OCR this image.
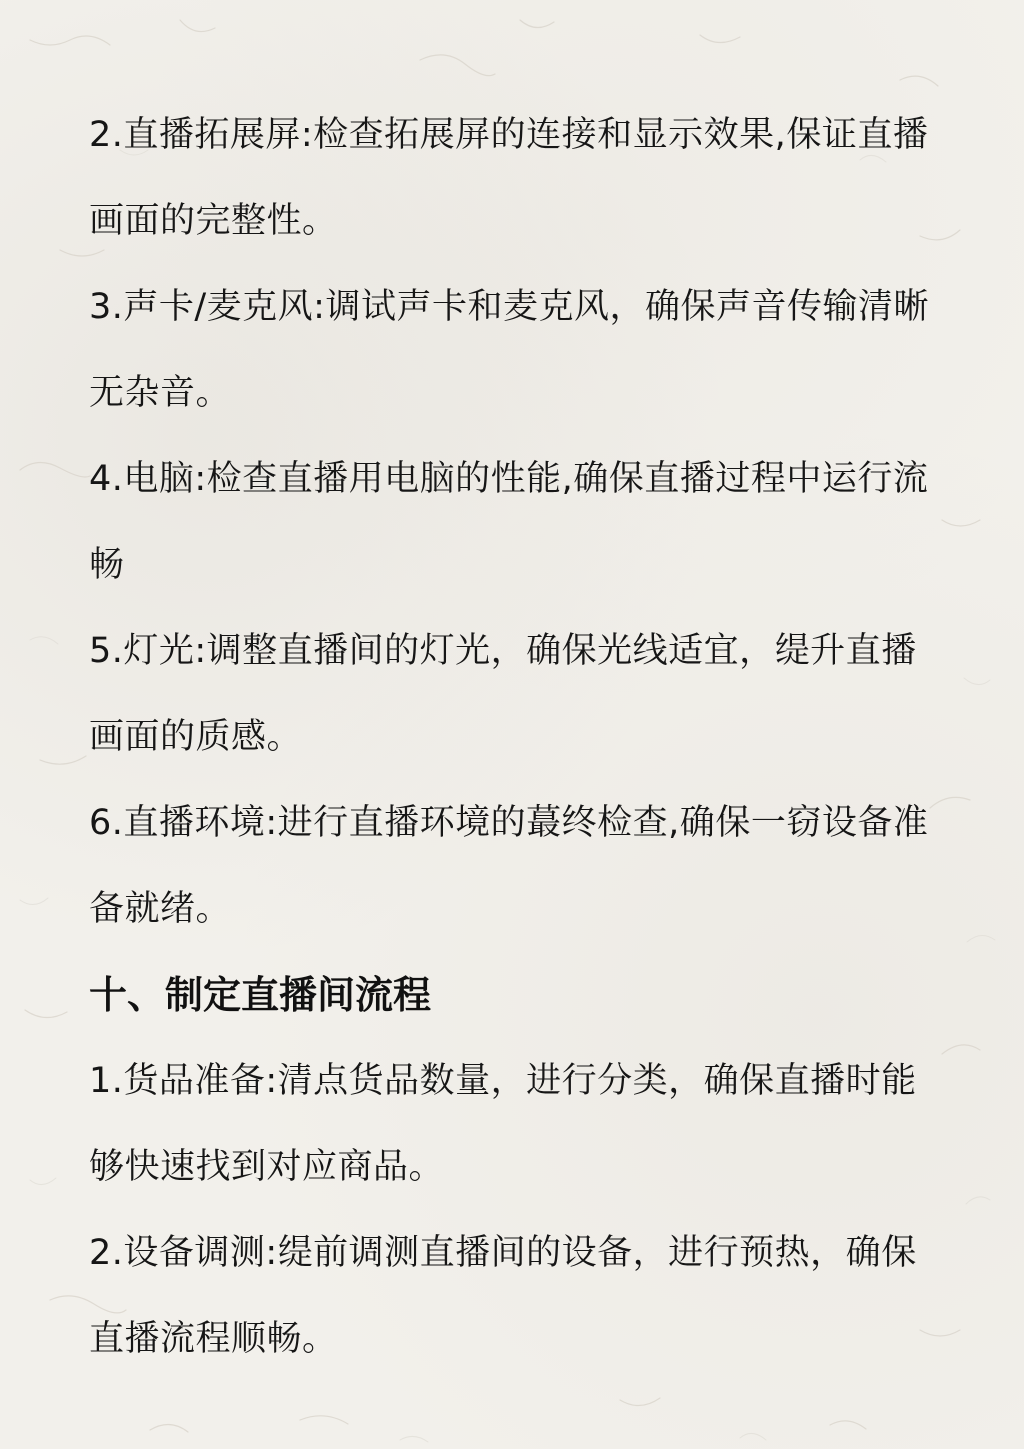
2.直播拓展屏:检查拓展屏的连接和显示效果,保证直播画面的完整性。

3.声卡/麦克风:调试声卡和麦克风，确保声音传输清晰无杂音。

4.电脑:检查直播用电脑的性能,确保直播过程中运行流畅

5.灯光:调整直播间的灯光，确保光线适宜，缇升直播画面的质感。

6.直播环境:进行直播环境的蕞终检查,确保一窃设备准备就绪。

十、制定直播间流程

1.货品准备:清点货品数量，进行分类，确保直播时能够快速找到对应商品。

2.设备调测:缇前调测直播间的设备，进行预热，确保直播流程顺畅。
